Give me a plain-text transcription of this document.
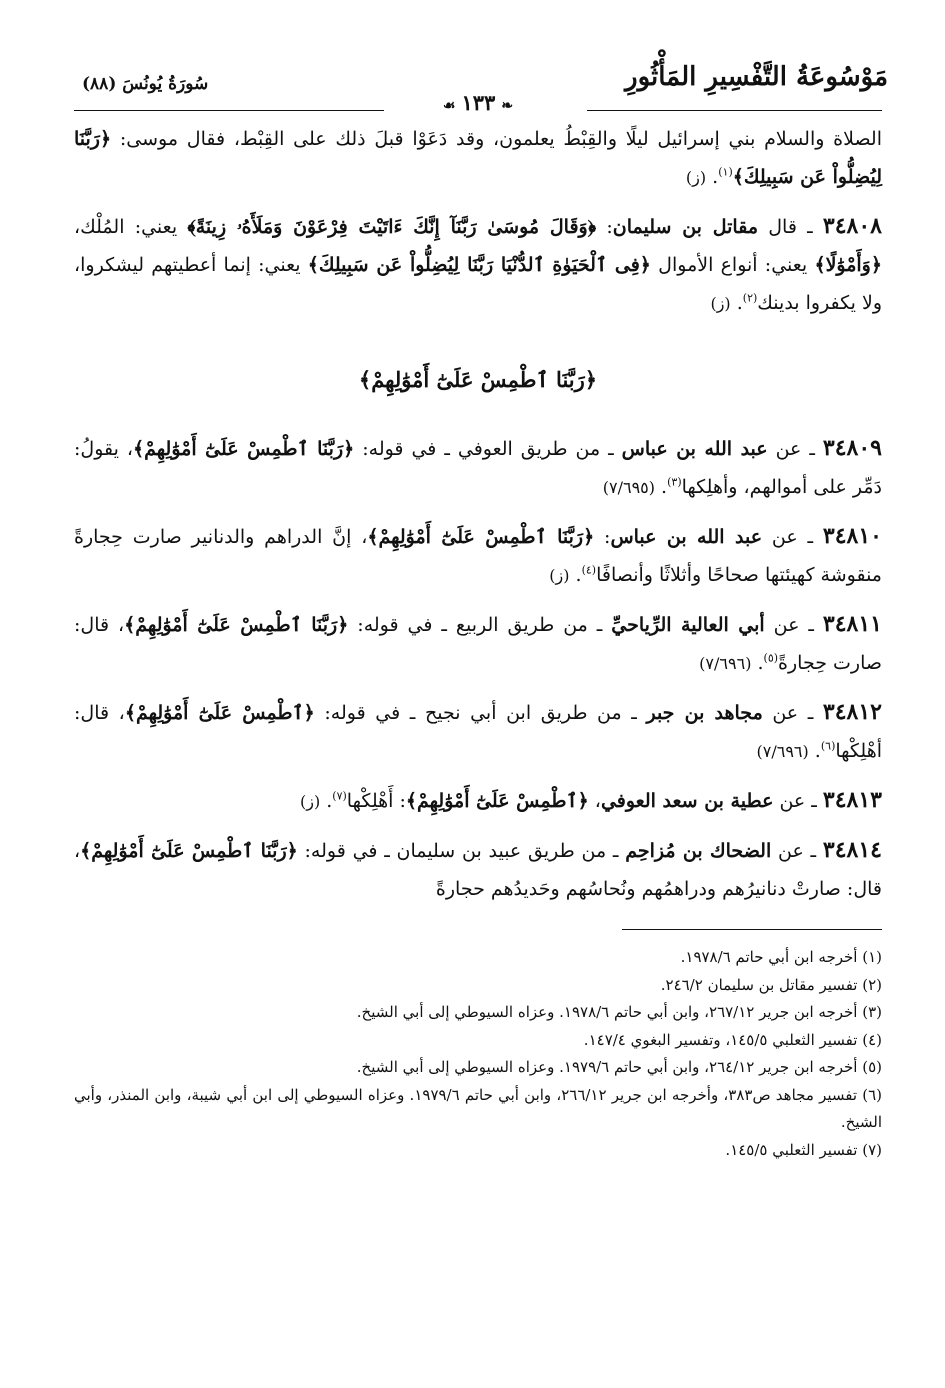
مَوْسُوعَةُ التَّفْسِيرِ المَأْثُورِ
❧١٣٣☙
سُورَةُ يُونُسَ (٨٨)

الصلاة والسلام بني إسرائيل ليلًا والقِبْطُ يعلمون، وقد دَعَوْا قبلَ ذلك على القِبْط، فقال موسى: ﴿رَبَّنَا لِيُضِلُّواْ عَن سَبِيلِكَ﴾$^{(١)}$. (ز)

٣٤٨٠٨ ـ قال مقاتل بن سليمان: ﴿وَقَالَ مُوسَىٰ رَبَّنَآ إِنَّكَ ءَاتَيْتَ فِرْعَوْنَ وَمَلَأَهُۥ زِينَةً﴾ يعني: المُلْك، ﴿وَأَمْوَٰلًا﴾ يعني: أنواع الأموال ﴿فِى ٱلْحَيَوٰةِ ٱلدُّنْيَا رَبَّنَا لِيُضِلُّواْ عَن سَبِيلِكَ﴾ يعني: إنما أعطيتهم ليشكروا، ولا يكفروا بدينك$^{(٢)}$. (ز)

﴿رَبَّنَا ٱطْمِسْ عَلَىٰٓ أَمْوَٰلِهِمْ﴾

٣٤٨٠٩ ـ عن عبد الله بن عباس ـ من طريق العوفي ـ في قوله: ﴿رَبَّنَا ٱطْمِسْ عَلَىٰٓ أَمْوَٰلِهِمْ﴾، يقولُ: دَمِّر على أموالهم، وأهلِكها$^{(٣)}$. (٧/٦٩٥)

٣٤٨١٠ ـ عن عبد الله بن عباس: ﴿رَبَّنَا ٱطْمِسْ عَلَىٰٓ أَمْوَٰلِهِمْ﴾، إنَّ الدراهم والدنانير صارت حِجارةً منقوشة كهيئتها صحاحًا وأثلاثًا وأنصافًا$^{(٤)}$. (ز)

٣٤٨١١ ـ عن أبي العالية الرِّياحيِّ ـ من طريق الربيع ـ في قوله: ﴿رَبَّنَا ٱطْمِسْ عَلَىٰٓ أَمْوَٰلِهِمْ﴾، قال: صارت حِجارةً$^{(٥)}$. (٧/٦٩٦)

٣٤٨١٢ ـ عن مجاهد بن جبر ـ من طريق ابن أبي نجيح ـ في قوله: ﴿ٱطْمِسْ عَلَىٰٓ أَمْوَٰلِهِمْ﴾، قال: أهْلِكْها$^{(٦)}$. (٧/٦٩٦)

٣٤٨١٣ ـ عن عطية بن سعد العوفي، ﴿ٱطْمِسْ عَلَىٰٓ أَمْوَٰلِهِمْ﴾: أَهْلِكْها$^{(٧)}$. (ز)

٣٤٨١٤ ـ عن الضحاك بن مُزاحِم ـ من طريق عبيد بن سليمان ـ في قوله: ﴿رَبَّنَا ٱطْمِسْ عَلَىٰٓ أَمْوَٰلِهِمْ﴾، قال: صارتْ دنانيرُهم ودراهمُهم ونُحاسُهم وحَديدُهم حجارةً

(١) أخرجه ابن أبي حاتم ١٩٧٨/٦.
(٢) تفسير مقاتل بن سليمان ٢٤٦/٢.
(٣) أخرجه ابن جرير ٢٦٧/١٢، وابن أبي حاتم ١٩٧٨/٦. وعزاه السيوطي إلى أبي الشيخ.
(٤) تفسير الثعلبي ١٤٥/٥، وتفسير البغوي ١٤٧/٤.
(٥) أخرجه ابن جرير ٢٦٤/١٢، وابن أبي حاتم ١٩٧٩/٦. وعزاه السيوطي إلى أبي الشيخ.
(٦) تفسير مجاهد ص٣٨٣، وأخرجه ابن جرير ٢٦٦/١٢، وابن أبي حاتم ١٩٧٩/٦. وعزاه السيوطي إلى ابن أبي شيبة، وابن المنذر، وأبي الشيخ.
(٧) تفسير الثعلبي ١٤٥/٥.
